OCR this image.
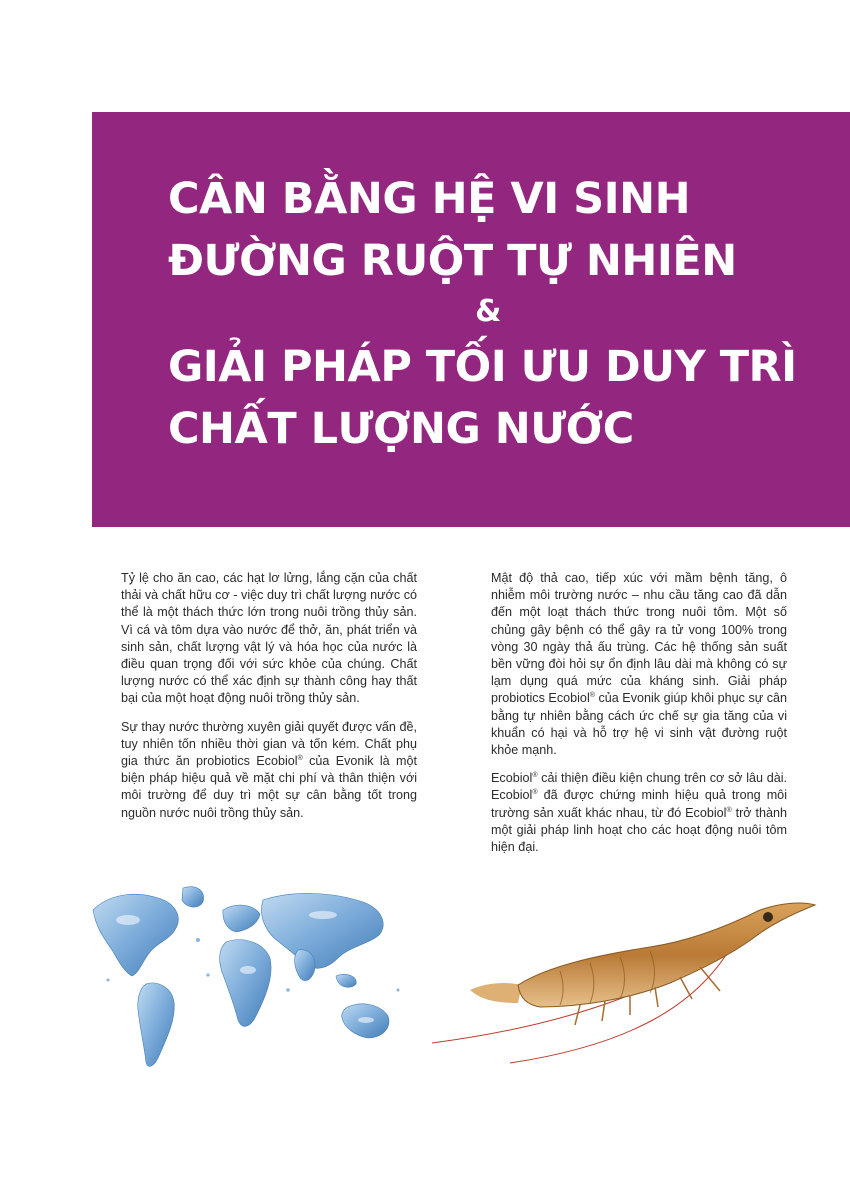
CÂN BẰNG HỆ VI SINH
ĐƯỜNG RUỘT TỰ NHIÊN
&
GIẢI PHÁP TỐI ƯU DUY TRÌ
CHẤT LƯỢNG NƯỚC

Tỷ lệ cho ăn cao, các hạt lơ lửng, lắng cặn của chất thải và chất hữu cơ - việc duy trì chất lượng nước có thể là một thách thức lớn trong nuôi trồng thủy sản. Vì cá và tôm dựa vào nước để thở, ăn, phát triển và sinh sản, chất lượng vật lý và hóa học của nước là điều quan trọng đối với sức khỏe của chúng. Chất lượng nước có thể xác định sự thành công hay thất bại của một hoạt động nuôi trồng thủy sản.

Sự thay nước thường xuyên giải quyết được vấn đề, tuy nhiên tốn nhiều thời gian và tốn kém. Chất phụ gia thức ăn probiotics Ecobiol® của Evonik là một biện pháp hiệu quả về mặt chi phí và thân thiện với môi trường để duy trì một sự cân bằng tốt trong nguồn nước nuôi trồng thủy sản.

Mật độ thả cao, tiếp xúc với mầm bệnh tăng, ô nhiễm môi trường nước – nhu cầu tăng cao đã dẫn đến một loạt thách thức trong nuôi tôm. Một số chủng gây bệnh có thể gây ra tử vong 100% trong vòng 30 ngày thả ấu trùng. Các hệ thống sản suất bền vững đòi hỏi sự ổn định lâu dài mà không có sự lạm dụng quá mức của kháng sinh. Giải pháp probiotics Ecobiol® của Evonik giúp khôi phục sự cân bằng tự nhiên bằng cách ức chế sự gia tăng của vi khuẩn có hại và hỗ trợ hệ vi sinh vật đường ruột khỏe mạnh.

Ecobiol® cải thiện điều kiện chung trên cơ sở lâu dài. Ecobiol® đã được chứng minh hiệu quả trong môi trường sản xuất khác nhau, từ đó Ecobiol® trở thành một giải pháp linh hoạt cho các hoạt động nuôi tôm hiện đại.
